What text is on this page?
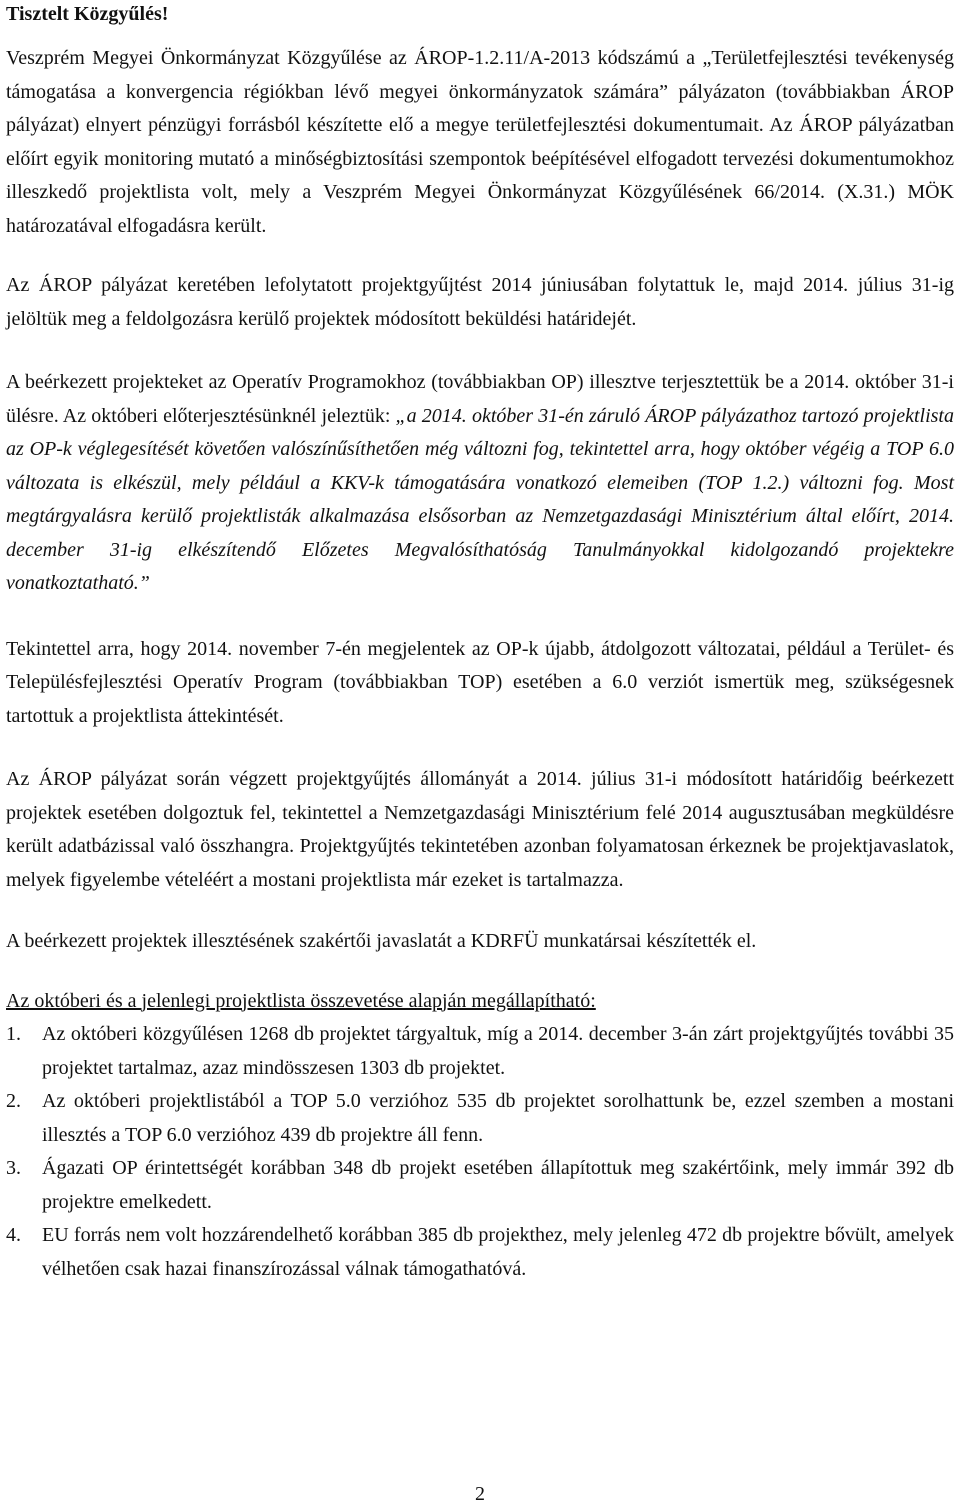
Tisztelt Közgyűlés!

Veszprém Megyei Önkormányzat Közgyűlése az ÁROP-1.2.11/A-2013 kódszámú a „Területfejlesztési tevékenység támogatása a konvergencia régiókban lévő megyei önkormányzatok számára” pályázaton (továbbiakban ÁROP pályázat) elnyert pénzügyi forrásból készítette elő a megye területfejlesztési dokumentumait. Az ÁROP pályázatban előírt egyik monitoring mutató a minőségbiztosítási szempontok beépítésével elfogadott tervezési dokumentumokhoz illeszkedő projektlista volt, mely a Veszprém Megyei Önkormányzat Közgyűlésének 66/2014. (X.31.) MÖK határozatával elfogadásra került.

Az ÁROP pályázat keretében lefolytatott projektgyűjtést 2014 júniusában folytattuk le, majd 2014. július 31-ig jelöltük meg a feldolgozásra kerülő projektek módosított beküldési határidejét.

A beérkezett projekteket az Operatív Programokhoz (továbbiakban OP) illesztve terjesztettük be a 2014. október 31-i ülésre. Az októberi előterjesztésünknél jeleztük: „a 2014. október 31-én záruló ÁROP pályázathoz tartozó projektlista az OP-k véglegesítését követően valószínűsíthetően még változni fog, tekintettel arra, hogy október végéig a TOP 6.0 változata is elkészül, mely például a KKV-k támogatására vonatkozó elemeiben (TOP 1.2.) változni fog. Most megtárgyalásra kerülő projektlisták alkalmazása elsősorban az Nemzetgazdasági Minisztérium által előírt, 2014. december 31-ig elkészítendő Előzetes Megvalósíthatóság Tanulmányokkal kidolgozandó projektekre vonatkoztatható.”

Tekintettel arra, hogy 2014. november 7-én megjelentek az OP-k újabb, átdolgozott változatai, például a Terület- és Településfejlesztési Operatív Program (továbbiakban TOP) esetében a 6.0 verziót ismertük meg, szükségesnek tartottuk a projektlista áttekintését.

Az ÁROP pályázat során végzett projektgyűjtés állományát a 2014. július 31-i módosított határidőig beérkezett projektek esetében dolgoztuk fel, tekintettel a Nemzetgazdasági Minisztérium felé 2014 augusztusában megküldésre került adatbázissal való összhangra. Projektgyűjtés tekintetében azonban folyamatosan érkeznek be projektjavaslatok, melyek figyelembe vételéért a mostani projektlista már ezeket is tartalmazza.

A beérkezett projektek illesztésének szakértői javaslatát a KDRFÜ munkatársai készítették el.

Az októberi és a jelenlegi projektlista összevetése alapján megállapítható:

1. Az októberi közgyűlésen 1268 db projektet tárgyaltuk, míg a 2014. december 3-án zárt projektgyűjtés további 35 projektet tartalmaz, azaz mindösszesen 1303 db projektet.
2. Az októberi projektlistából a TOP 5.0 verzióhoz 535 db projektet sorolhattunk be, ezzel szemben a mostani illesztés a TOP 6.0 verzióhoz 439 db projektre áll fenn.
3. Ágazati OP érintettségét korábban 348 db projekt esetében állapítottuk meg szakértőink, mely immár 392 db projektre emelkedett.
4. EU forrás nem volt hozzárendelhető korábban 385 db projekthez, mely jelenleg 472 db projektre bővült, amelyek vélhetően csak hazai finanszírozással válnak támogathatóvá.
2
